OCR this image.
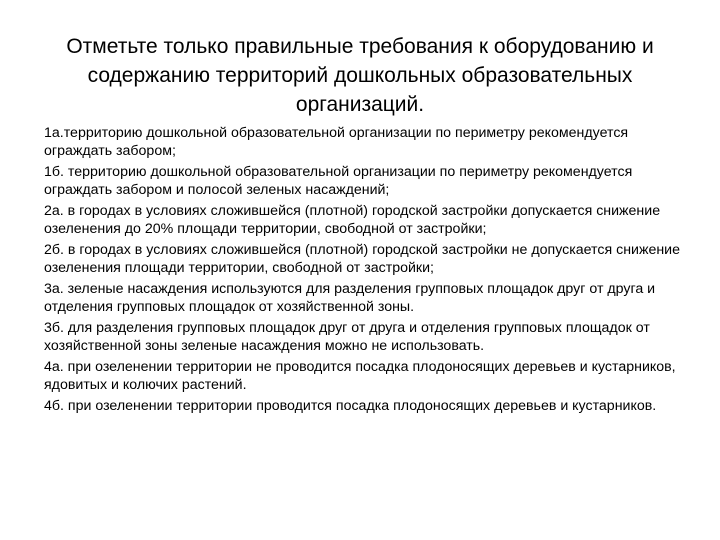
Отметьте только правильные требования к оборудованию и содержанию территорий дошкольных образовательных организаций.
1а.территорию дошкольной образовательной организации по периметру рекомендуется ограждать забором;
1б. территорию дошкольной образовательной организации по периметру рекомендуется ограждать забором и полосой зеленых насаждений;
2а. в городах в условиях сложившейся (плотной) городской застройки допускается снижение озеленения до 20% площади территории, свободной от застройки;
2б. в городах в условиях сложившейся (плотной) городской застройки не допускается снижение озеленения площади территории, свободной от застройки;
3а. зеленые насаждения используются для разделения групповых площадок друг от друга и отделения групповых площадок от хозяйственной зоны.
3б. для разделения групповых площадок друг от друга и отделения групповых площадок от хозяйственной зоны зеленые насаждения можно не использовать.
4а. при озеленении территории не проводится посадка плодоносящих деревьев и кустарников, ядовитых и колючих растений.
4б. при озеленении территории проводится посадка плодоносящих деревьев и кустарников.
